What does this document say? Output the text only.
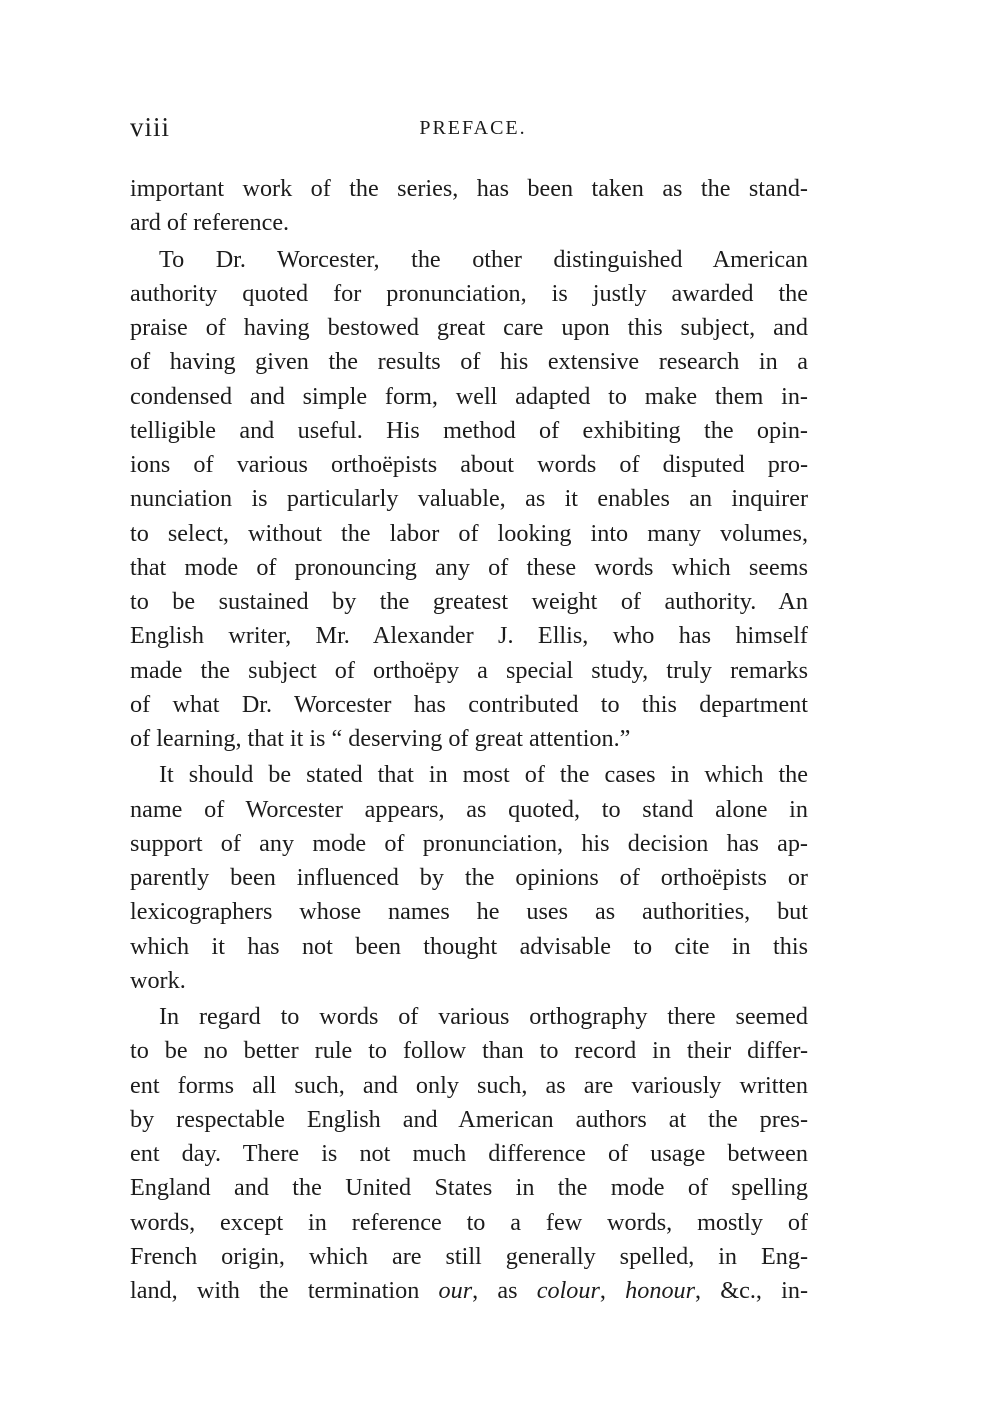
viii	PREFACE.
important work of the series, has been taken as the stand-
ard of reference.
To Dr. Worcester, the other distinguished American
authority quoted for pronunciation, is justly awarded the
praise of having bestowed great care upon this subject, and
of having given the results of his extensive research in a
condensed and simple form, well adapted to make them in-
telligible and useful. His method of exhibiting the opin-
ions of various orthoëpists about words of disputed pro-
nunciation is particularly valuable, as it enables an inquirer
to select, without the labor of looking into many volumes,
that mode of pronouncing any of these words which seems
to be sustained by the greatest weight of authority. An
English writer, Mr. Alexander J. Ellis, who has himself
made the subject of orthoëpy a special study, truly remarks
of what Dr. Worcester has contributed to this department
of learning, that it is “ deserving of great attention.”
It should be stated that in most of the cases in which the
name of Worcester appears, as quoted, to stand alone in
support of any mode of pronunciation, his decision has ap-
parently been influenced by the opinions of orthoëpists or
lexicographers whose names he uses as authorities, but
which it has not been thought advisable to cite in this
work.
In regard to words of various orthography there seemed
to be no better rule to follow than to record in their differ-
ent forms all such, and only such, as are variously written
by respectable English and American authors at the pres-
ent day. There is not much difference of usage between
England and the United States in the mode of spelling
words, except in reference to a few words, mostly of
French origin, which are still generally spelled, in Eng-
land, with the termination our, as colour, honour, &c., in-
